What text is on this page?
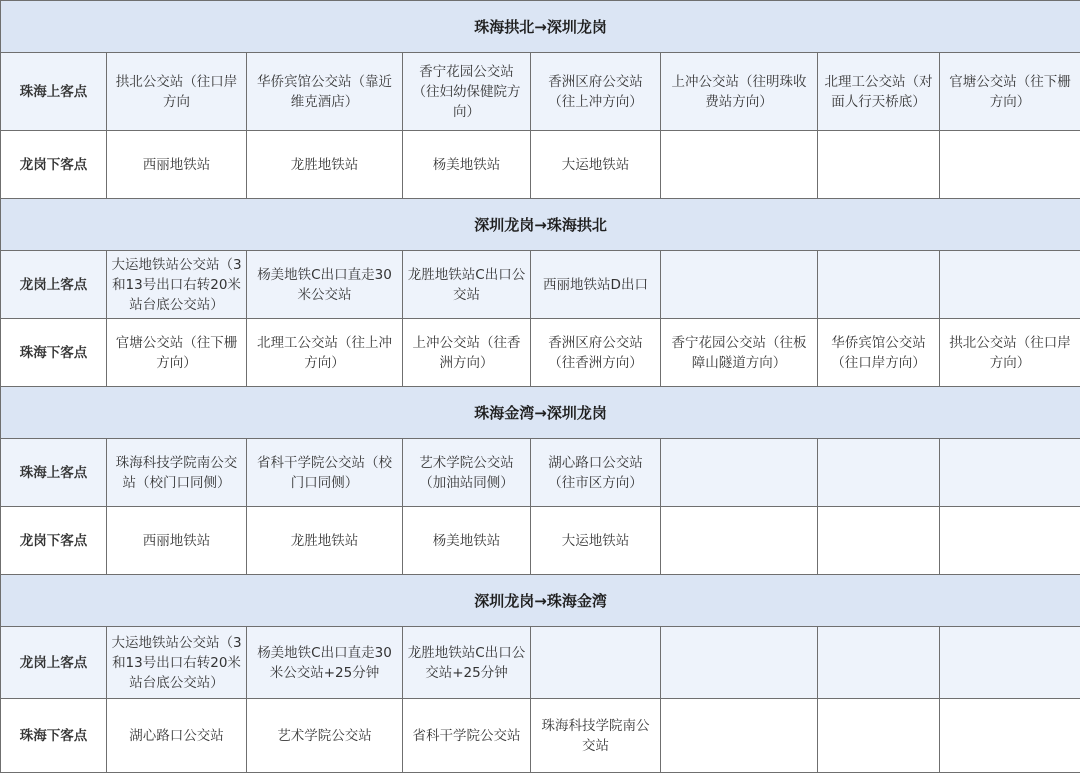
珠海拱北→深圳龙岗							
珠海上客点	拱北公交站（往口岸方向	华侨宾馆公交站（靠近维克酒店）	香宁花园公交站（往妇幼保健院方向）	香洲区府公交站（往上冲方向）	上冲公交站（往明珠收费站方向）	北理工公交站（对面人行天桥底）	官塘公交站（往下栅方向）
龙岗下客点	西丽地铁站	龙胜地铁站	杨美地铁站	大运地铁站			
深圳龙岗→珠海拱北							
龙岗上客点	大运地铁站公交站（3 和13号出口右转20米站台底公交站）	杨美地铁C出口直走30米公交站	龙胜地铁站C出口公交站	西丽地铁站D出口			
珠海下客点	官塘公交站（往下栅方向）	北理工公交站（往上冲方向）	上冲公交站（往香洲方向）	香洲区府公交站（往香洲方向）	香宁花园公交站（往板障山隧道方向）	华侨宾馆公交站（往口岸方向）	拱北公交站（往口岸方向）
珠海金湾→深圳龙岗							
珠海上客点	珠海科技学院南公交站（校门口同侧）	省科干学院公交站（校门口同侧）	艺术学院公交站（加油站同侧）	湖心路口公交站（往市区方向）			
龙岗下客点	西丽地铁站	龙胜地铁站	杨美地铁站	大运地铁站			
深圳龙岗→珠海金湾							
龙岗上客点	大运地铁站公交站（3和13号出口右转20米站台底公交站）	杨美地铁C出口直走30米公交站+25分钟	龙胜地铁站C出口公交站+25分钟				
珠海下客点	湖心路口公交站	艺术学院公交站	省科干学院公交站	珠海科技学院南公交站			
